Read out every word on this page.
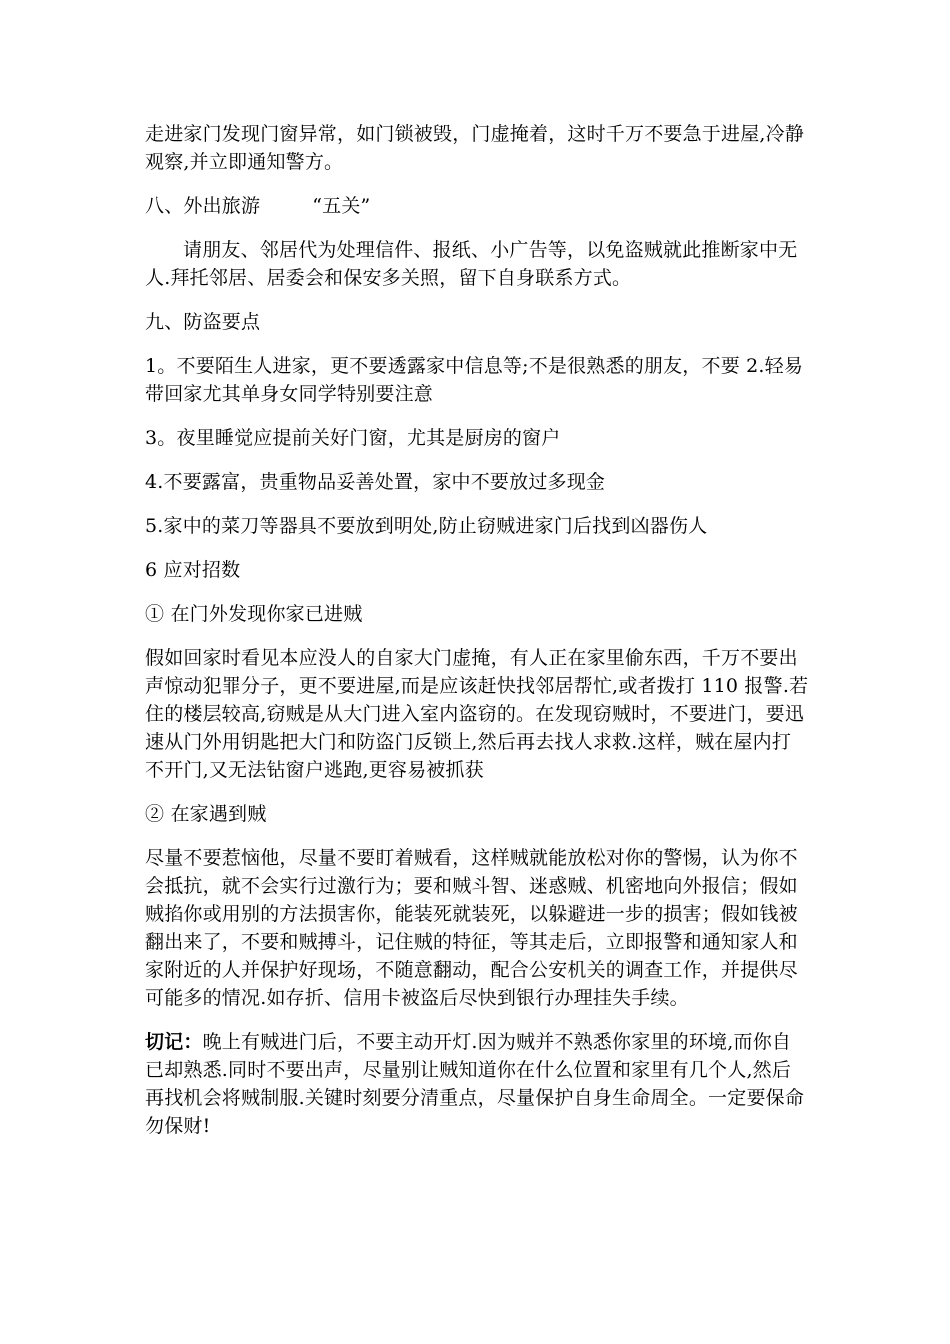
走进家门发现门窗异常，如门锁被毁，门虚掩着，这时千万不要急于进屋,冷静观察,并立即通知警方。

八、外出旅游	“五关”

请朋友、邻居代为处理信件、报纸、小广告等，以免盗贼就此推断家中无人.拜托邻居、居委会和保安多关照，留下自身联系方式。

九、防盗要点

1。不要陌生人进家，更不要透露家中信息等;不是很熟悉的朋友，不要 2.轻易带回家尤其单身女同学特别要注意

3。夜里睡觉应提前关好门窗，尤其是厨房的窗户

4.不要露富，贵重物品妥善处置，家中不要放过多现金

5.家中的菜刀等器具不要放到明处,防止窃贼进家门后找到凶器伤人

6 应对招数

① 在门外发现你家已进贼

假如回家时看见本应没人的自家大门虚掩，有人正在家里偷东西，千万不要出声惊动犯罪分子，更不要进屋,而是应该赶快找邻居帮忙,或者拨打 110 报警.若住的楼层较高,窃贼是从大门进入室内盗窃的。在发现窃贼时，不要进门，要迅速从门外用钥匙把大门和防盗门反锁上,然后再去找人求救.这样，贼在屋内打不开门,又无法钻窗户逃跑,更容易被抓获

② 在家遇到贼

尽量不要惹恼他，尽量不要盯着贼看，这样贼就能放松对你的警惕，认为你不会抵抗，就不会实行过激行为；要和贼斗智、迷惑贼、机密地向外报信；假如贼掐你或用别的方法损害你，能装死就装死，以躲避进一步的损害；假如钱被翻出来了，不要和贼搏斗，记住贼的特征，等其走后，立即报警和通知家人和家附近的人并保护好现场，不随意翻动，配合公安机关的调查工作，并提供尽可能多的情况.如存折、信用卡被盗后尽快到银行办理挂失手续。

切记：晚上有贼进门后，不要主动开灯.因为贼并不熟悉你家里的环境,而你自已却熟悉.同时不要出声，尽量别让贼知道你在什么位置和家里有几个人,然后再找机会将贼制服.关键时刻要分清重点，尽量保护自身生命周全。一定要保命勿保财!
